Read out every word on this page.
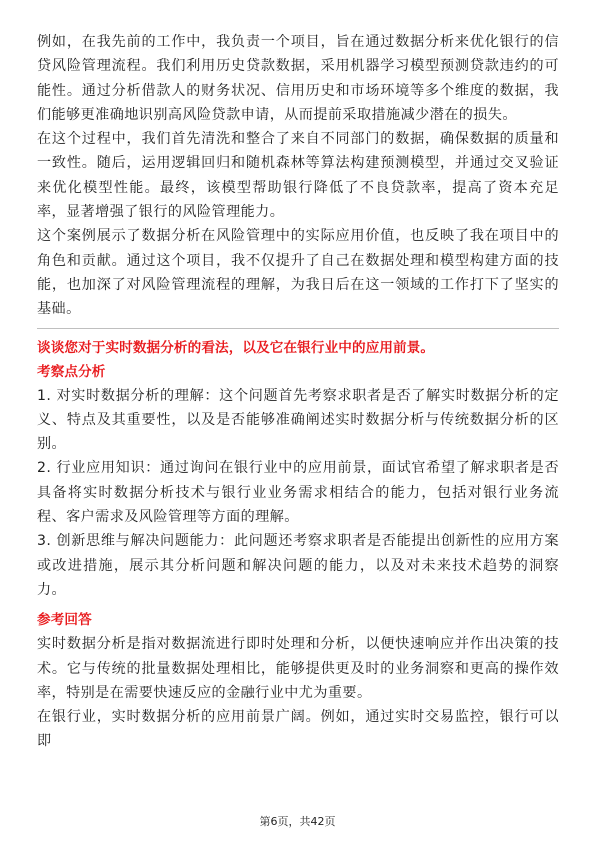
例如，在我先前的工作中，我负责一个项目，旨在通过数据分析来优化银行的信贷风险管理流程。我们利用历史贷款数据，采用机器学习模型预测贷款违约的可能性。通过分析借款人的财务状况、信用历史和市场环境等多个维度的数据，我们能够更准确地识别高风险贷款申请，从而提前采取措施减少潜在的损失。

在这个过程中，我们首先清洗和整合了来自不同部门的数据，确保数据的质量和一致性。随后，运用逻辑回归和随机森林等算法构建预测模型，并通过交叉验证来优化模型性能。最终，该模型帮助银行降低了不良贷款率，提高了资本充足率，显著增强了银行的风险管理能力。

这个案例展示了数据分析在风险管理中的实际应用价值，也反映了我在项目中的角色和贡献。通过这个项目，我不仅提升了自己在数据处理和模型构建方面的技能，也加深了对风险管理流程的理解，为我日后在这一领域的工作打下了坚实的基础。

谈谈您对于实时数据分析的看法，以及它在银行业中的应用前景。
考察点分析

1. 对实时数据分析的理解：这个问题首先考察求职者是否了解实时数据分析的定义、特点及其重要性，以及是否能够准确阐述实时数据分析与传统数据分析的区别。

2. 行业应用知识：通过询问在银行业中的应用前景，面试官希望了解求职者是否具备将实时数据分析技术与银行业业务需求相结合的能力，包括对银行业务流程、客户需求及风险管理等方面的理解。

3. 创新思维与解决问题能力：此问题还考察求职者是否能提出创新性的应用方案或改进措施，展示其分析问题和解决问题的能力，以及对未来技术趋势的洞察力。

参考回答

实时数据分析是指对数据流进行即时处理和分析，以便快速响应并作出决策的技术。它与传统的批量数据处理相比，能够提供更及时的业务洞察和更高的操作效率，特别是在需要快速反应的金融行业中尤为重要。

在银行业，实时数据分析的应用前景广阔。例如，通过实时交易监控，银行可以即

第6页，共42页
